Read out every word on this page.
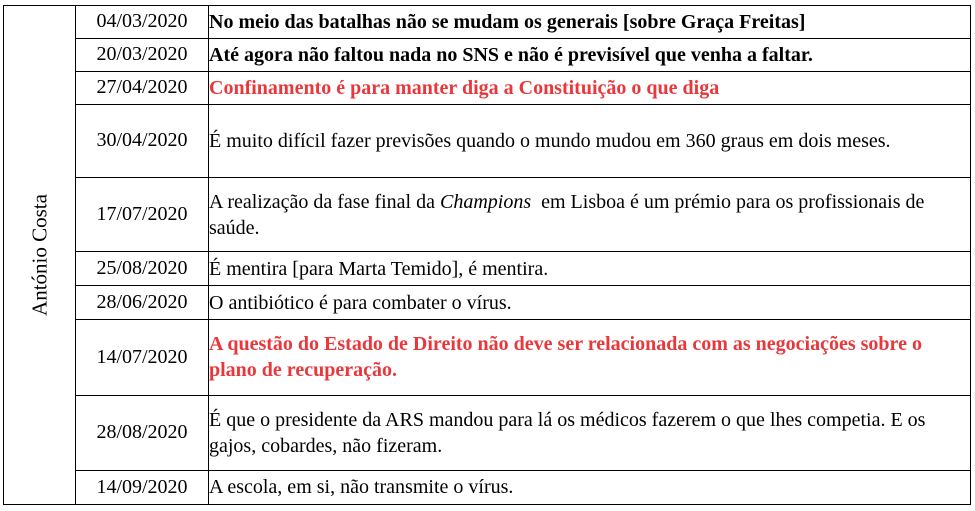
António Costa	04/03/2020	No meio das batalhas não se mudam os generais [sobre Graça Freitas]
	20/03/2020	Até agora não faltou nada no SNS e não é previsível que venha a faltar.
	27/04/2020	Confinamento é para manter diga a Constituição o que diga
	30/04/2020	É muito difícil fazer previsões quando o mundo mudou em 360 graus em dois meses.
	17/07/2020	A realização da fase final da Champions  em Lisboa é um prémio para os profissionais de saúde.
	25/08/2020	É mentira [para Marta Temido], é mentira.
	28/06/2020	O antibiótico é para combater o vírus.
	14/07/2020	A questão do Estado de Direito não deve ser relacionada com as negociações sobre o plano de recuperação.
	28/08/2020	É que o presidente da ARS mandou para lá os médicos fazerem o que lhes competia. E os gajos, cobardes, não fizeram.
	14/09/2020	A escola, em si, não transmite o vírus.
